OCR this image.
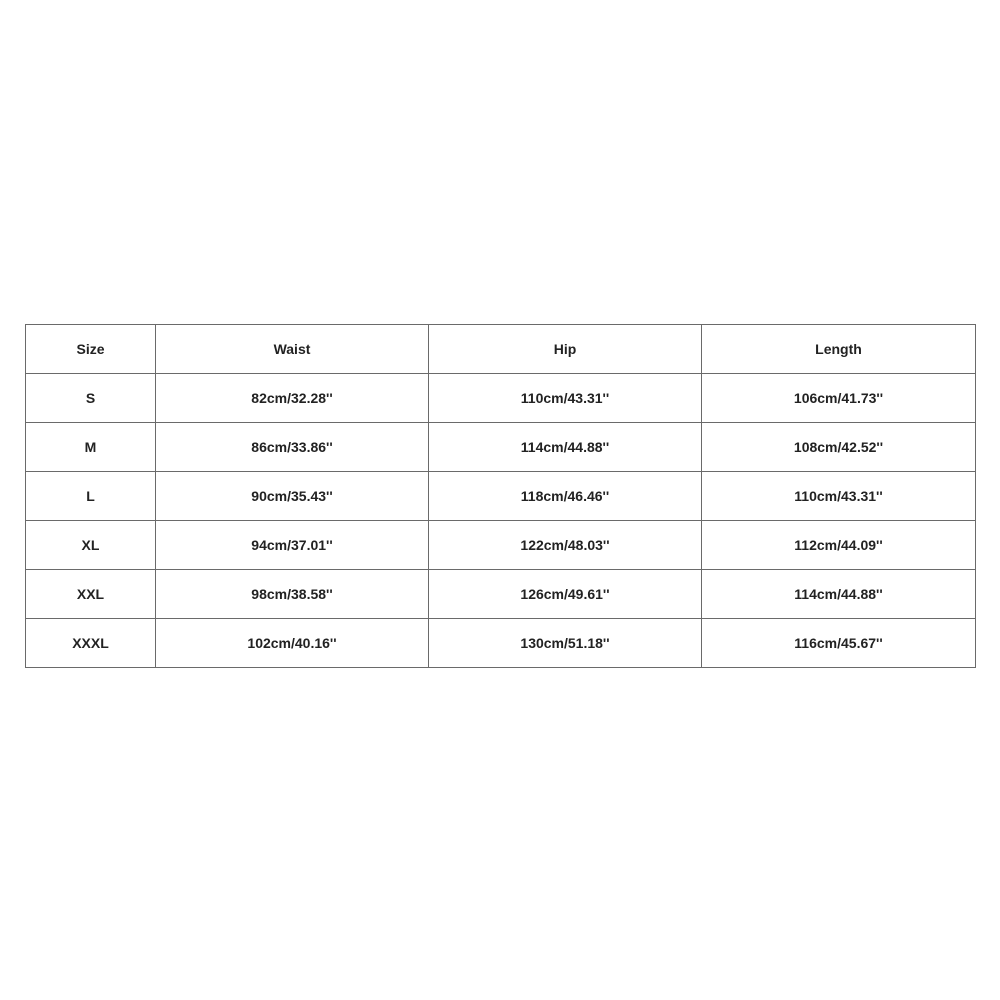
Size	Waist	Hip	Length
S	82cm/32.28''	110cm/43.31''	106cm/41.73''
M	86cm/33.86''	114cm/44.88''	108cm/42.52''
L	90cm/35.43''	118cm/46.46''	110cm/43.31''
XL	94cm/37.01''	122cm/48.03''	112cm/44.09''
XXL	98cm/38.58''	126cm/49.61''	114cm/44.88''
XXXL	102cm/40.16''	130cm/51.18''	116cm/45.67''
